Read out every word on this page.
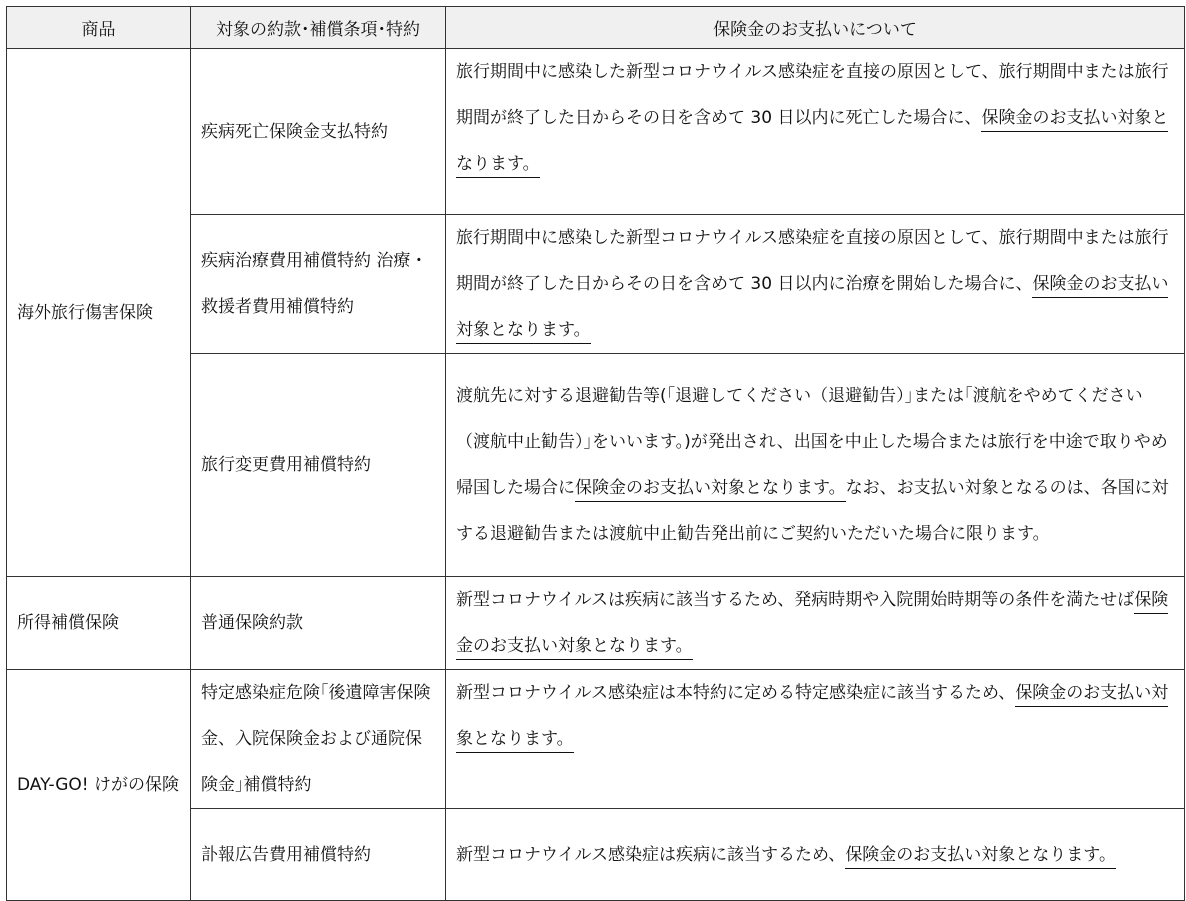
商品	対象の約款･補償条項･特約	保険金のお支払いについて
海外旅行傷害保険	疾病死亡保険金支払特約	旅行期間中に感染した新型コロナウイルス感染症を直接の原因として、旅行期間中または旅行期間が終了した日からその日を含めて 30 日以内に死亡した場合に、保険金のお支払い対象となります。
	疾病治療費用補償特約 治療・救援者費用補償特約	旅行期間中に感染した新型コロナウイルス感染症を直接の原因として、旅行期間中または旅行期間が終了した日からその日を含めて 30 日以内に治療を開始した場合に、保険金のお支払い対象となります。
	旅行変更費用補償特約	渡航先に対する退避勧告等(｢退避してください（退避勧告）｣または｢渡航をやめてください（渡航中止勧告）｣をいいます。)が発出され、出国を中止した場合または旅行を中途で取りやめ帰国した場合に保険金のお支払い対象となります。なお、お支払い対象となるのは、各国に対する退避勧告または渡航中止勧告発出前にご契約いただいた場合に限ります。
所得補償保険	普通保険約款	新型コロナウイルスは疾病に該当するため、発病時期や入院開始時期等の条件を満たせば保険金のお支払い対象となります。
DAY-GO! けがの保険	特定感染症危険｢後遺障害保険金、入院保険金および通院保険金｣補償特約	新型コロナウイルス感染症は本特約に定める特定感染症に該当するため、保険金のお支払い対象となります。
	訃報広告費用補償特約	新型コロナウイルス感染症は疾病に該当するため、保険金のお支払い対象となります。
